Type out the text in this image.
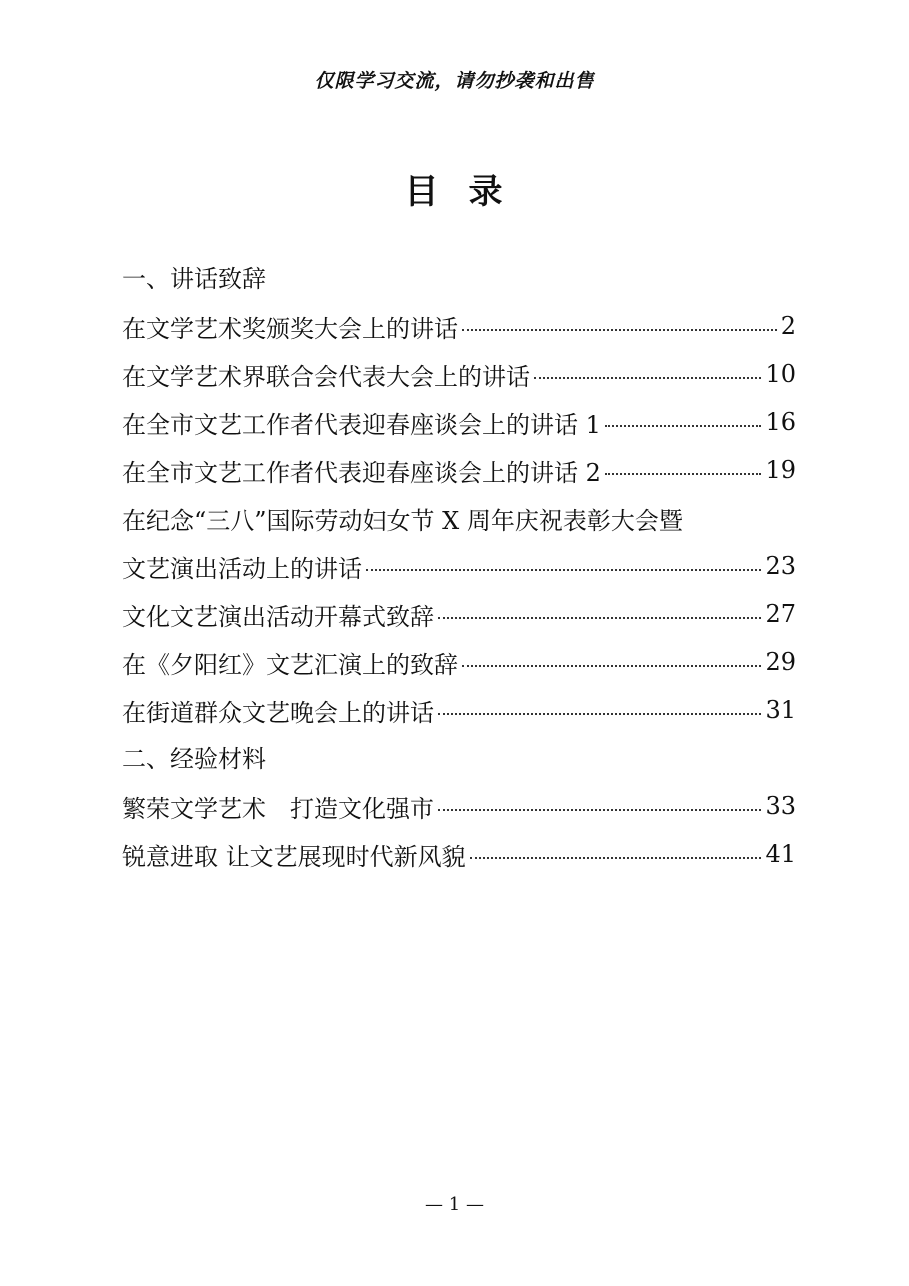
仅限学习交流，请勿抄袭和出售
目 录
一、讲话致辞
在文学艺术奖颁奖大会上的讲话	2
在文学艺术界联合会代表大会上的讲话	10
在全市文艺工作者代表迎春座谈会上的讲话 1	16
在全市文艺工作者代表迎春座谈会上的讲话 2	19
在纪念“三八”国际劳动妇女节 X 周年庆祝表彰大会暨
文艺演出活动上的讲话	23
文化文艺演出活动开幕式致辞	27
在《夕阳红》文艺汇演上的致辞	29
在街道群众文艺晚会上的讲话	31
二、经验材料
繁荣文学艺术　打造文化强市	33
锐意进取 让文艺展现时代新风貌	41
— 1 —
